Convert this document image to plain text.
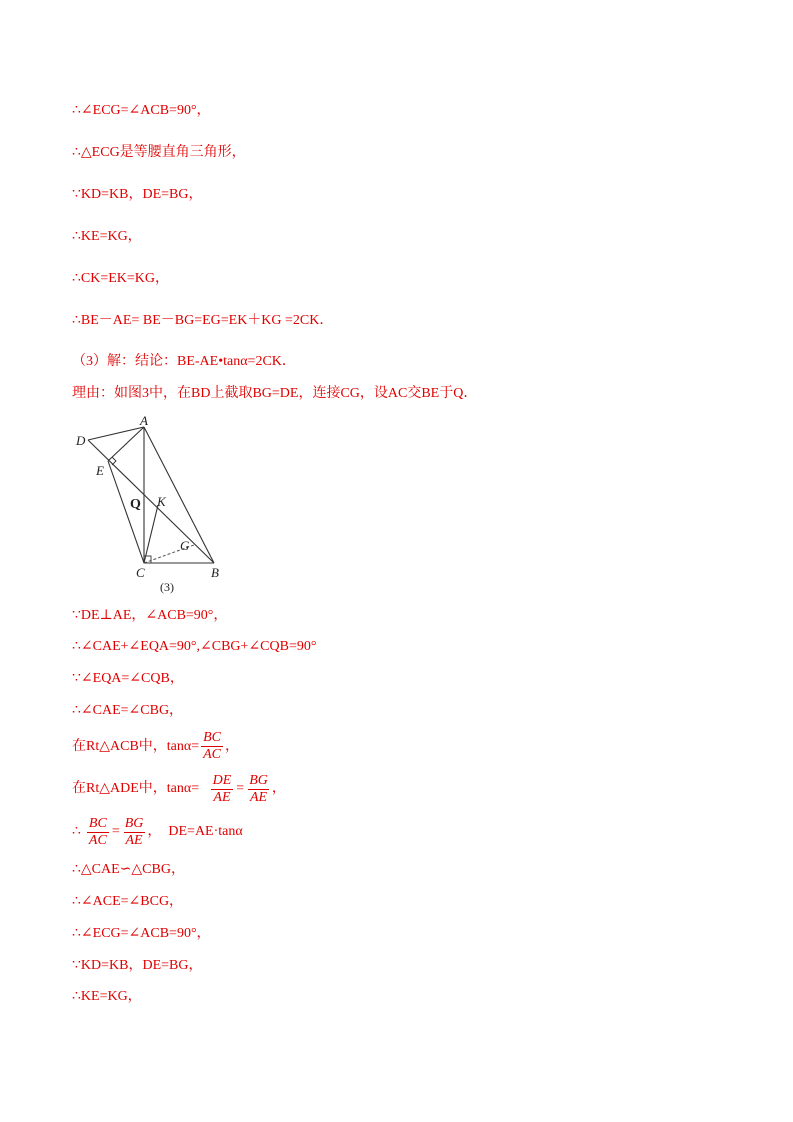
∴∠ECG=∠ACB=90°，
∴△ECG是等腰直角三角形，
∵KD=KB，DE=BG，
∴KE=KG，
∴CK=EK=KG，
∴BE－AE= BE－BG=EG=EK＋KG =2CK．
（3）解：结论：BE-AE•tanα=2CK．
理由：如图3中，在BD上截取BG=DE，连接CG，设AC交BE于Q．
A
D
E
Q K
G
C	B
(3)
∵DE⊥AE，∠ACB=90°，
∴∠CAE+∠EQA=90°,∠CBG+∠CQB=90°
∵∠EQA=∠CQB，
∴∠CAE=∠CBG，
在Rt△ACB中，$\tan\alpha= \frac{BC}{AC}$ ，
在Rt△ADE中，$\tan\alpha= \frac{DE}{AE} = \frac{BG}{AE}$ ，
∴ $\frac{BC}{AC} = \frac{BG}{AE}$ ，  DE=AE·tanα
∴△CAE∽△CBG，
∴∠ACE=∠BCG，
∴∠ECG=∠ACB=90°，
∵KD=KB，DE=BG，
∴KE=KG，
